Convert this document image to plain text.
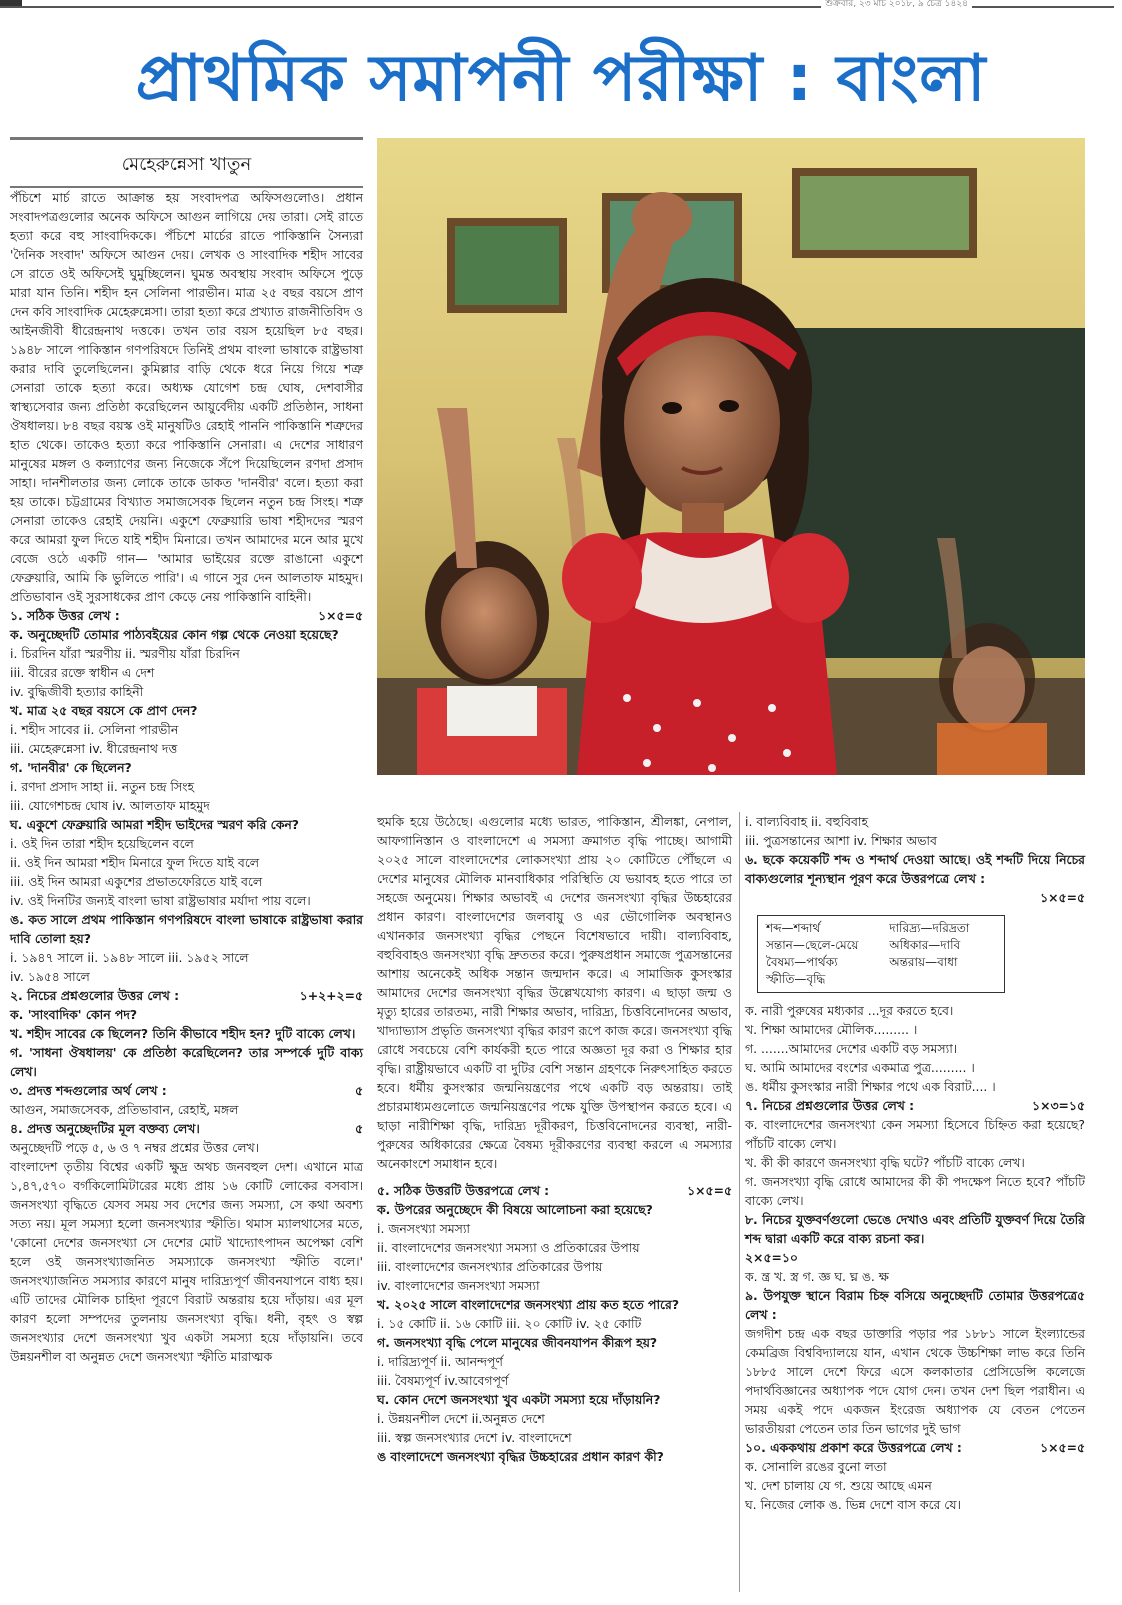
শুক্রবার, ২৩ মার্চ ২০১৮, ৯ চৈত্র ১৪২৪
প্রাথমিক সমাপনী পরীক্ষা : বাংলা
মেহেরুন্নেসা খাতুন

পঁচিশে মার্চ রাতে আক্রান্ত হয় সংবাদপত্র অফিসগুলোও। প্রধান সংবাদপত্রগুলোর অনেক অফিসে আগুন লাগিয়ে দেয় তারা। সেই রাতে হত্যা করে বহু সাংবাদিককে। পঁচিশে মার্চের রাতে পাকিস্তানি সৈন্যরা 'দৈনিক সংবাদ' অফিসে আগুন দেয়। লেখক ও সাংবাদিক শহীদ সাবের সে রাতে ওই অফিসেই ঘুমুচ্ছিলেন। ঘুমন্ত অবস্থায় সংবাদ অফিসে পুড়ে মারা যান তিনি। শহীদ হন সেলিনা পারভীন। মাত্র ২৫ বছর বয়সে প্রাণ দেন কবি সাংবাদিক মেহেরুন্নেসা। তারা হত্যা করে প্রখ্যাত রাজনীতিবিদ ও আইনজীবী ধীরেন্দ্রনাথ দত্তকে। তখন তার বয়স হয়েছিল ৮৫ বছর। ১৯৪৮ সালে পাকিস্তান গণপরিষদে তিনিই প্রথম বাংলা ভাষাকে রাষ্ট্রভাষা করার দাবি তুলেছিলেন। কুমিল্লার বাড়ি থেকে ধরে নিয়ে গিয়ে শত্রু সেনারা তাকে হত্যা করে। অধ্যক্ষ যোগেশ চন্দ্র ঘোষ, দেশবাসীর স্বাস্থ্যসেবার জন্য প্রতিষ্ঠা করেছিলেন আয়ুর্বেদীয় একটি প্রতিষ্ঠান, সাধনা ঔষধালয়। ৮৪ বছর বয়স্ক ওই মানুষটিও রেহাই পাননি পাকিস্তানি শত্রুদের হাত থেকে। তাকেও হত্যা করে পাকিস্তানি সেনারা। এ দেশের সাধারণ মানুষের মঙ্গল ও কল্যাণের জন্য নিজেকে সঁপে দিয়েছিলেন রণদা প্রসাদ সাহা। দানশীলতার জন্য লোকে তাকে ডাকত 'দানবীর' বলে। হত্যা করা হয় তাকে। চট্টগ্রামের বিখ্যাত সমাজসেবক ছিলেন নতুন চন্দ্র সিংহ। শত্রু সেনারা তাকেও রেহাই দেয়নি। একুশে ফেব্রুয়ারি ভাষা শহীদদের স্মরণ করে আমরা ফুল দিতে যাই শহীদ মিনারে। তখন আমাদের মনে আর মুখে বেজে ওঠে একটি গান— 'আমার ভাইয়ের রক্তে রাঙানো একুশে ফেব্রুয়ারি, আমি কি ভুলিতে পারি'। এ গানে সুর দেন আলতাফ মাহমুদ। প্রতিভাবান ওই সুরসাধকের প্রাণ কেড়ে নেয় পাকিস্তানি বাহিনী।

১×৫=৫
১. সঠিক উত্তর লেখ :

ক. অনুচ্ছেদটি তোমার পাঠ্যবইয়ের কোন গল্প থেকে নেওয়া হয়েছে?

i. চিরদিন যাঁরা স্মরণীয় ii. স্মরণীয় যাঁরা চিরদিন

iii. বীরের রক্তে স্বাধীন এ দেশ

iv. বুদ্ধিজীবী হত্যার কাহিনী

খ. মাত্র ২৫ বছর বয়সে কে প্রাণ দেন?

i. শহীদ সাবের ii. সেলিনা পারভীন

iii. মেহেরুন্নেসা iv. ধীরেন্দ্রনাথ দত্ত

গ. 'দানবীর' কে ছিলেন?

i. রণদা প্রসাদ সাহা ii. নতুন চন্দ্র সিংহ

iii. যোগেশচন্দ্র ঘোষ iv. আলতাফ মাহমুদ

ঘ. একুশে ফেব্রুয়ারি আমরা শহীদ ভাইদের স্মরণ করি কেন?

i. ওই দিন তারা শহীদ হয়েছিলেন বলে

ii. ওই দিন আমরা শহীদ মিনারে ফুল দিতে যাই বলে

iii. ওই দিন আমরা একুশের প্রভাতফেরিতে যাই বলে

iv. ওই দিনটির জন্যই বাংলা ভাষা রাষ্ট্রভাষার মর্যাদা পায় বলে।

ঙ. কত সালে প্রথম পাকিস্তান গণপরিষদে বাংলা ভাষাকে রাষ্ট্রভাষা করার দাবি তোলা হয়?

i. ১৯৪৭ সালে ii. ১৯৪৮ সালে iii. ১৯৫২ সালে

iv. ১৯৫৪ সালে

১+২+২=৫
২. নিচের প্রশ্নগুলোর উত্তর লেখ :

ক. 'সাংবাদিক' কোন পদ?

খ. শহীদ সাবের কে ছিলেন? তিনি কীভাবে শহীদ হন? দুটি বাক্যে লেখ।

গ. 'সাধনা ঔষধালয়' কে প্রতিষ্ঠা করেছিলেন? তার সম্পর্কে দুটি বাক্য লেখ।

৫
৩. প্রদত্ত শব্দগুলোর অর্থ লেখ :

আগুন, সমাজসেবক, প্রতিভাবান, রেহাই, মঙ্গল

৫
৪. প্রদত্ত অনুচ্ছেদটির মূল বক্তব্য লেখ।

অনুচ্ছেদটি পড়ে ৫, ৬ ও ৭ নম্বর প্রশ্নের উত্তর লেখ।

বাংলাদেশ তৃতীয় বিশ্বের একটি ক্ষুদ্র অথচ জনবহুল দেশ। এখানে মাত্র ১,৪৭,৫৭০ বর্গকিলোমিটারের মধ্যে প্রায় ১৬ কোটি লোকের বসবাস। জনসংখ্যা বৃদ্ধিতে যেসব সময় সব দেশের জন্য সমস্যা, সে কথা অবশ্য সত্য নয়। মূল সমস্যা হলো জনসংখ্যার স্ফীতি। থমাস ম্যালথাসের মতে, 'কোনো দেশের জনসংখ্যা সে দেশের মোট খাদ্যোৎপাদন অপেক্ষা বেশি হলে ওই জনসংখ্যাজনিত সমস্যাকে জনসংখ্যা স্ফীতি বলে।' জনসংখ্যাজনিত সমস্যার কারণে মানুষ দারিদ্র্যপূর্ণ জীবনযাপনে বাধ্য হয়। এটি তাদের মৌলিক চাহিদা পূরণে বিরাট অন্তরায় হয়ে দাঁড়ায়। এর মূল কারণ হলো সম্পদের তুলনায় জনসংখ্যা বৃদ্ধি। ধনী, বৃহৎ ও স্বল্প জনসংখ্যার দেশে জনসংখ্যা খুব একটা সমস্যা হয়ে দাঁড়ায়নি। তবে উন্নয়নশীল বা অনুন্নত দেশে জনসংখ্যা স্ফীতি মারাত্মক

হুমকি হয়ে উঠেছে। এগুলোর মধ্যে ভারত, পাকিস্তান, শ্রীলঙ্কা, নেপাল, আফগানিস্তান ও বাংলাদেশে এ সমস্যা ক্রমাগত বৃদ্ধি পাচ্ছে। আগামী ২০২৫ সালে বাংলাদেশের লোকসংখ্যা প্রায় ২০ কোটিতে পৌঁছলে এ দেশের মানুষের মৌলিক মানবাধিকার পরিস্থিতি যে ভয়াবহ হতে পারে তা সহজে অনুমেয়। শিক্ষার অভাবই এ দেশের জনসংখ্যা বৃদ্ধির উচ্চহারের প্রধান কারণ। বাংলাদেশের জলবায়ু ও এর ভৌগোলিক অবস্থানও এখানকার জনসংখ্যা বৃদ্ধির পেছনে বিশেষভাবে দায়ী। বাল্যবিবাহ, বহুবিবাহও জনসংখ্যা বৃদ্ধি দ্রুততর করে। পুরুষপ্রধান সমাজে পুত্রসন্তানের আশায় অনেকেই অধিক সন্তান জন্মদান করে। এ সামাজিক কুসংস্কার আমাদের দেশের জনসংখ্যা বৃদ্ধির উল্লেখযোগ্য কারণ। এ ছাড়া জন্ম ও মৃত্যু হারের তারতম্য, নারী শিক্ষার অভাব, দারিদ্র্য, চিত্তবিনোদনের অভাব, খাদ্যাভ্যাস প্রভৃতি জনসংখ্যা বৃদ্ধির কারণ রূপে কাজ করে। জনসংখ্যা বৃদ্ধি রোধে সবচেয়ে বেশি কার্যকরী হতে পারে অজ্ঞতা দূর করা ও শিক্ষার হার বৃদ্ধি। রাষ্ট্রীয়ভাবে একটি বা দুটির বেশি সন্তান গ্রহণকে নিরুৎসাহিত করতে হবে। ধর্মীয় কুসংস্কার জন্মনিয়ন্ত্রণের পথে একটি বড় অন্তরায়। তাই প্রচারমাধ্যমগুলোতে জন্মনিয়ন্ত্রণের পক্ষে যুক্তি উপস্থাপন করতে হবে। এ ছাড়া নারীশিক্ষা বৃদ্ধি, দারিদ্র্য দূরীকরণ, চিত্তবিনোদনের ব্যবস্থা, নারী-পুরুষের অধিকারের ক্ষেত্রে বৈষম্য দূরীকরণের ব্যবস্থা করলে এ সমস্যার অনেকাংশে সমাধান হবে।

১×৫=৫
৫. সঠিক উত্তরটি উত্তরপত্রে লেখ :

ক. উপরের অনুচ্ছেদে কী বিষয়ে আলোচনা করা হয়েছে?

i. জনসংখ্যা সমস্যা

ii. বাংলাদেশের জনসংখ্যা সমস্যা ও প্রতিকারের উপায়

iii. বাংলাদেশের জনসংখ্যার প্রতিকারের উপায়

iv. বাংলাদেশের জনসংখ্যা সমস্যা

খ. ২০২৫ সালে বাংলাদেশের জনসংখ্যা প্রায় কত হতে পারে?

i. ১৫ কোটি ii. ১৬ কোটি iii. ২০ কোটি iv. ২৫ কোটি

গ. জনসংখ্যা বৃদ্ধি পেলে মানুষের জীবনযাপন কীরূপ হয়?

i. দারিদ্র্যপূর্ণ ii. আনন্দপূর্ণ

iii. বৈষম্যপূর্ণ iv.আবেগপূর্ণ

ঘ. কোন দেশে জনসংখ্যা খুব একটা সমস্যা হয়ে দাঁড়ায়নি?

i. উন্নয়নশীল দেশে ii.অনুন্নত দেশে

iii. স্বল্প জনসংখ্যার দেশে iv. বাংলাদেশে

ঙ বাংলাদেশে জনসংখ্যা বৃদ্ধির উচ্চহারের প্রধান কারণ কী?

i. বাল্যবিবাহ ii. বহুবিবাহ

iii. পুত্রসন্তানের আশা iv. শিক্ষার অভাব

৬. ছকে কয়েকটি শব্দ ও শব্দার্থ দেওয়া আছে। ওই শব্দটি দিয়ে নিচের বাক্যগুলোর শূন্যস্থান পূরণ করে উত্তরপত্রে লেখ :

১×৫=৫

শব্দ—শব্দার্থ	দারিদ্র্য—দরিদ্রতা
সন্তান—ছেলে-মেয়ে	অধিকার—দাবি
বৈষম্য—পার্থক্য	অন্তরায়—বাধা
স্ফীতি—বৃদ্ধি	

ক. নারী পুরুষের মধ্যকার ...দূর করতে হবে।

খ. শিক্ষা আমাদের মৌলিক......... ।

গ. .......আমাদের দেশের একটি বড় সমস্যা।

ঘ. আমি আমাদের বংশের একমাত্র পুত্র......... ।

ঙ. ধর্মীয় কুসংস্কার নারী শিক্ষার পথে এক বিরাট.... ।

১×৩=১৫
৭. নিচের প্রশ্নগুলোর উত্তর লেখ :

ক. বাংলাদেশের জনসংখ্যা কেন সমস্যা হিসেবে চিহ্নিত করা হয়েছে? পাঁচটি বাক্যে লেখ।

খ. কী কী কারণে জনসংখ্যা বৃদ্ধি ঘটে? পাঁচটি বাক্যে লেখ।

গ. জনসংখ্যা বৃদ্ধি রোধে আমাদের কী কী পদক্ষেপ নিতে হবে? পাঁচটি বাক্যে লেখ।

৮. নিচের যুক্তবর্ণগুলো ভেঙে দেখাও এবং প্রতিটি যুক্তবর্ণ দিয়ে তৈরি শব্দ দ্বারা একটি করে বাক্য রচনা কর।

২×৫=১০

ক. ন্ত্র খ. স্ত্র গ. জ্ঞ ঘ. ঘ্ন ঙ. ক্ষ

৫
৯. উপযুক্ত স্থানে বিরাম চিহ্ন বসিয়ে অনুচ্ছেদটি তোমার উত্তরপত্রে লেখ :

জগদীশ চন্দ্র এক বছর ডাক্তারি পড়ার পর ১৮৮১ সালে ইংল্যান্ডের কেমব্রিজ বিশ্ববিদ্যালয়ে যান, এখান থেকে উচ্চশিক্ষা লাভ করে তিনি ১৮৮৫ সালে দেশে ফিরে এসে কলকাতার প্রেসিডেন্সি কলেজে পদার্থবিজ্ঞানের অধ্যাপক পদে যোগ দেন। তখন দেশ ছিল পরাধীন। এ সময় একই পদে একজন ইংরেজ অধ্যাপক যে বেতন পেতেন ভারতীয়রা পেতেন তার তিন ভাগের দুই ভাগ

১×৫=৫
১০. এককথায় প্রকাশ করে উত্তরপত্রে লেখ :

ক. সোনালি রঙের বুনো লতা

খ. দেশ চালায় যে গ. শুয়ে আছে এমন

ঘ. নিজের লোক ঙ. ভিন্ন দেশে বাস করে যে।
